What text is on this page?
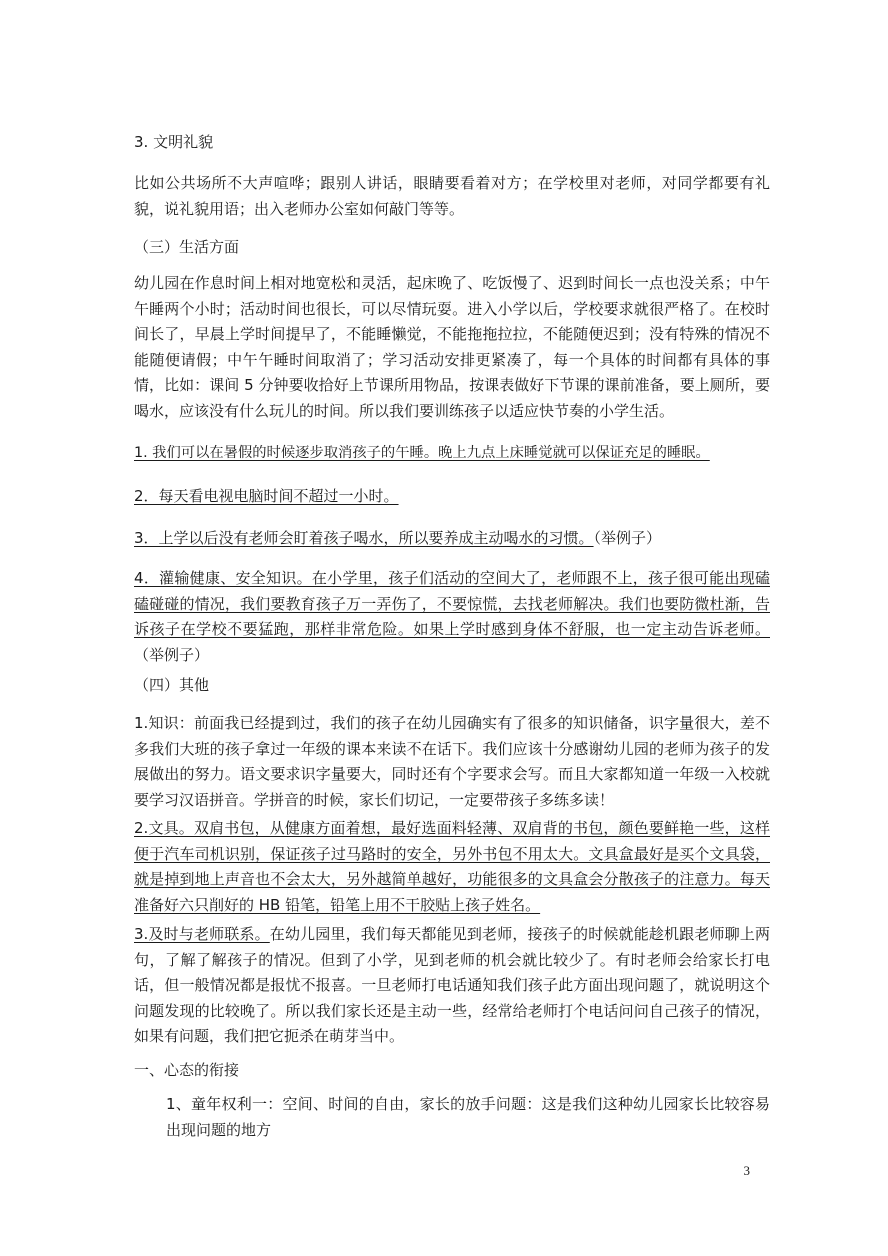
3. 文明礼貌
比如公共场所不大声喧哗；跟别人讲话，眼睛要看着对方；在学校里对老师，对同学都要有礼貌，说礼貌用语；出入老师办公室如何敲门等等。
（三）生活方面
幼儿园在作息时间上相对地宽松和灵活，起床晚了、吃饭慢了、迟到时间长一点也没关系；中午午睡两个小时；活动时间也很长，可以尽情玩耍。进入小学以后，学校要求就很严格了。在校时间长了，早晨上学时间提早了，不能睡懒觉，不能拖拖拉拉，不能随便迟到；没有特殊的情况不能随便请假；中午午睡时间取消了；学习活动安排更紧凑了，每一个具体的时间都有具体的事情，比如：课间 5 分钟要收拾好上节课所用物品，按课表做好下节课的课前准备，要上厕所，要喝水，应该没有什么玩儿的时间。所以我们要训练孩子以适应快节奏的小学生活。
1. 我们可以在暑假的时候逐步取消孩子的午睡。晚上九点上床睡觉就可以保证充足的睡眠。
2．每天看电视电脑时间不超过一小时。
3．上学以后没有老师会盯着孩子喝水，所以要养成主动喝水的习惯。（举例子）
4．灌输健康、安全知识。在小学里，孩子们活动的空间大了，老师跟不上，孩子很可能出现磕磕碰碰的情况，我们要教育孩子万一弄伤了，不要惊慌，去找老师解决。我们也要防微杜渐，告诉孩子在学校不要猛跑，那样非常危险。如果上学时感到身体不舒服，也一定主动告诉老师。（举例子）
（四）其他
1.知识：前面我已经提到过，我们的孩子在幼儿园确实有了很多的知识储备，识字量很大，差不多我们大班的孩子拿过一年级的课本来读不在话下。我们应该十分感谢幼儿园的老师为孩子的发展做出的努力。语文要求识字量要大，同时还有个字要求会写。而且大家都知道一年级一入校就要学习汉语拼音。学拼音的时候，家长们切记，一定要带孩子多练多读！
2.文具。双肩书包，从健康方面着想，最好选面料轻薄、双肩背的书包，颜色要鲜艳一些，这样便于汽车司机识别，保证孩子过马路时的安全，另外书包不用太大。文具盒最好是买个文具袋，就是掉到地上声音也不会太大，另外越简单越好，功能很多的文具盒会分散孩子的注意力。每天准备好六只削好的 HB 铅笔，铅笔上用不干胶贴上孩子姓名。
3.及时与老师联系。在幼儿园里，我们每天都能见到老师，接孩子的时候就能趁机跟老师聊上两句，了解了解孩子的情况。但到了小学，见到老师的机会就比较少了。有时老师会给家长打电话，但一般情况都是报忧不报喜。一旦老师打电话通知我们孩子此方面出现问题了，就说明这个问题发现的比较晚了。所以我们家长还是主动一些，经常给老师打个电话问问自己孩子的情况，如果有问题，我们把它扼杀在萌芽当中。
一、心态的衔接
1、童年权利一：空间、时间的自由，家长的放手问题：这是我们这种幼儿园家长比较容易出现问题的地方
3
